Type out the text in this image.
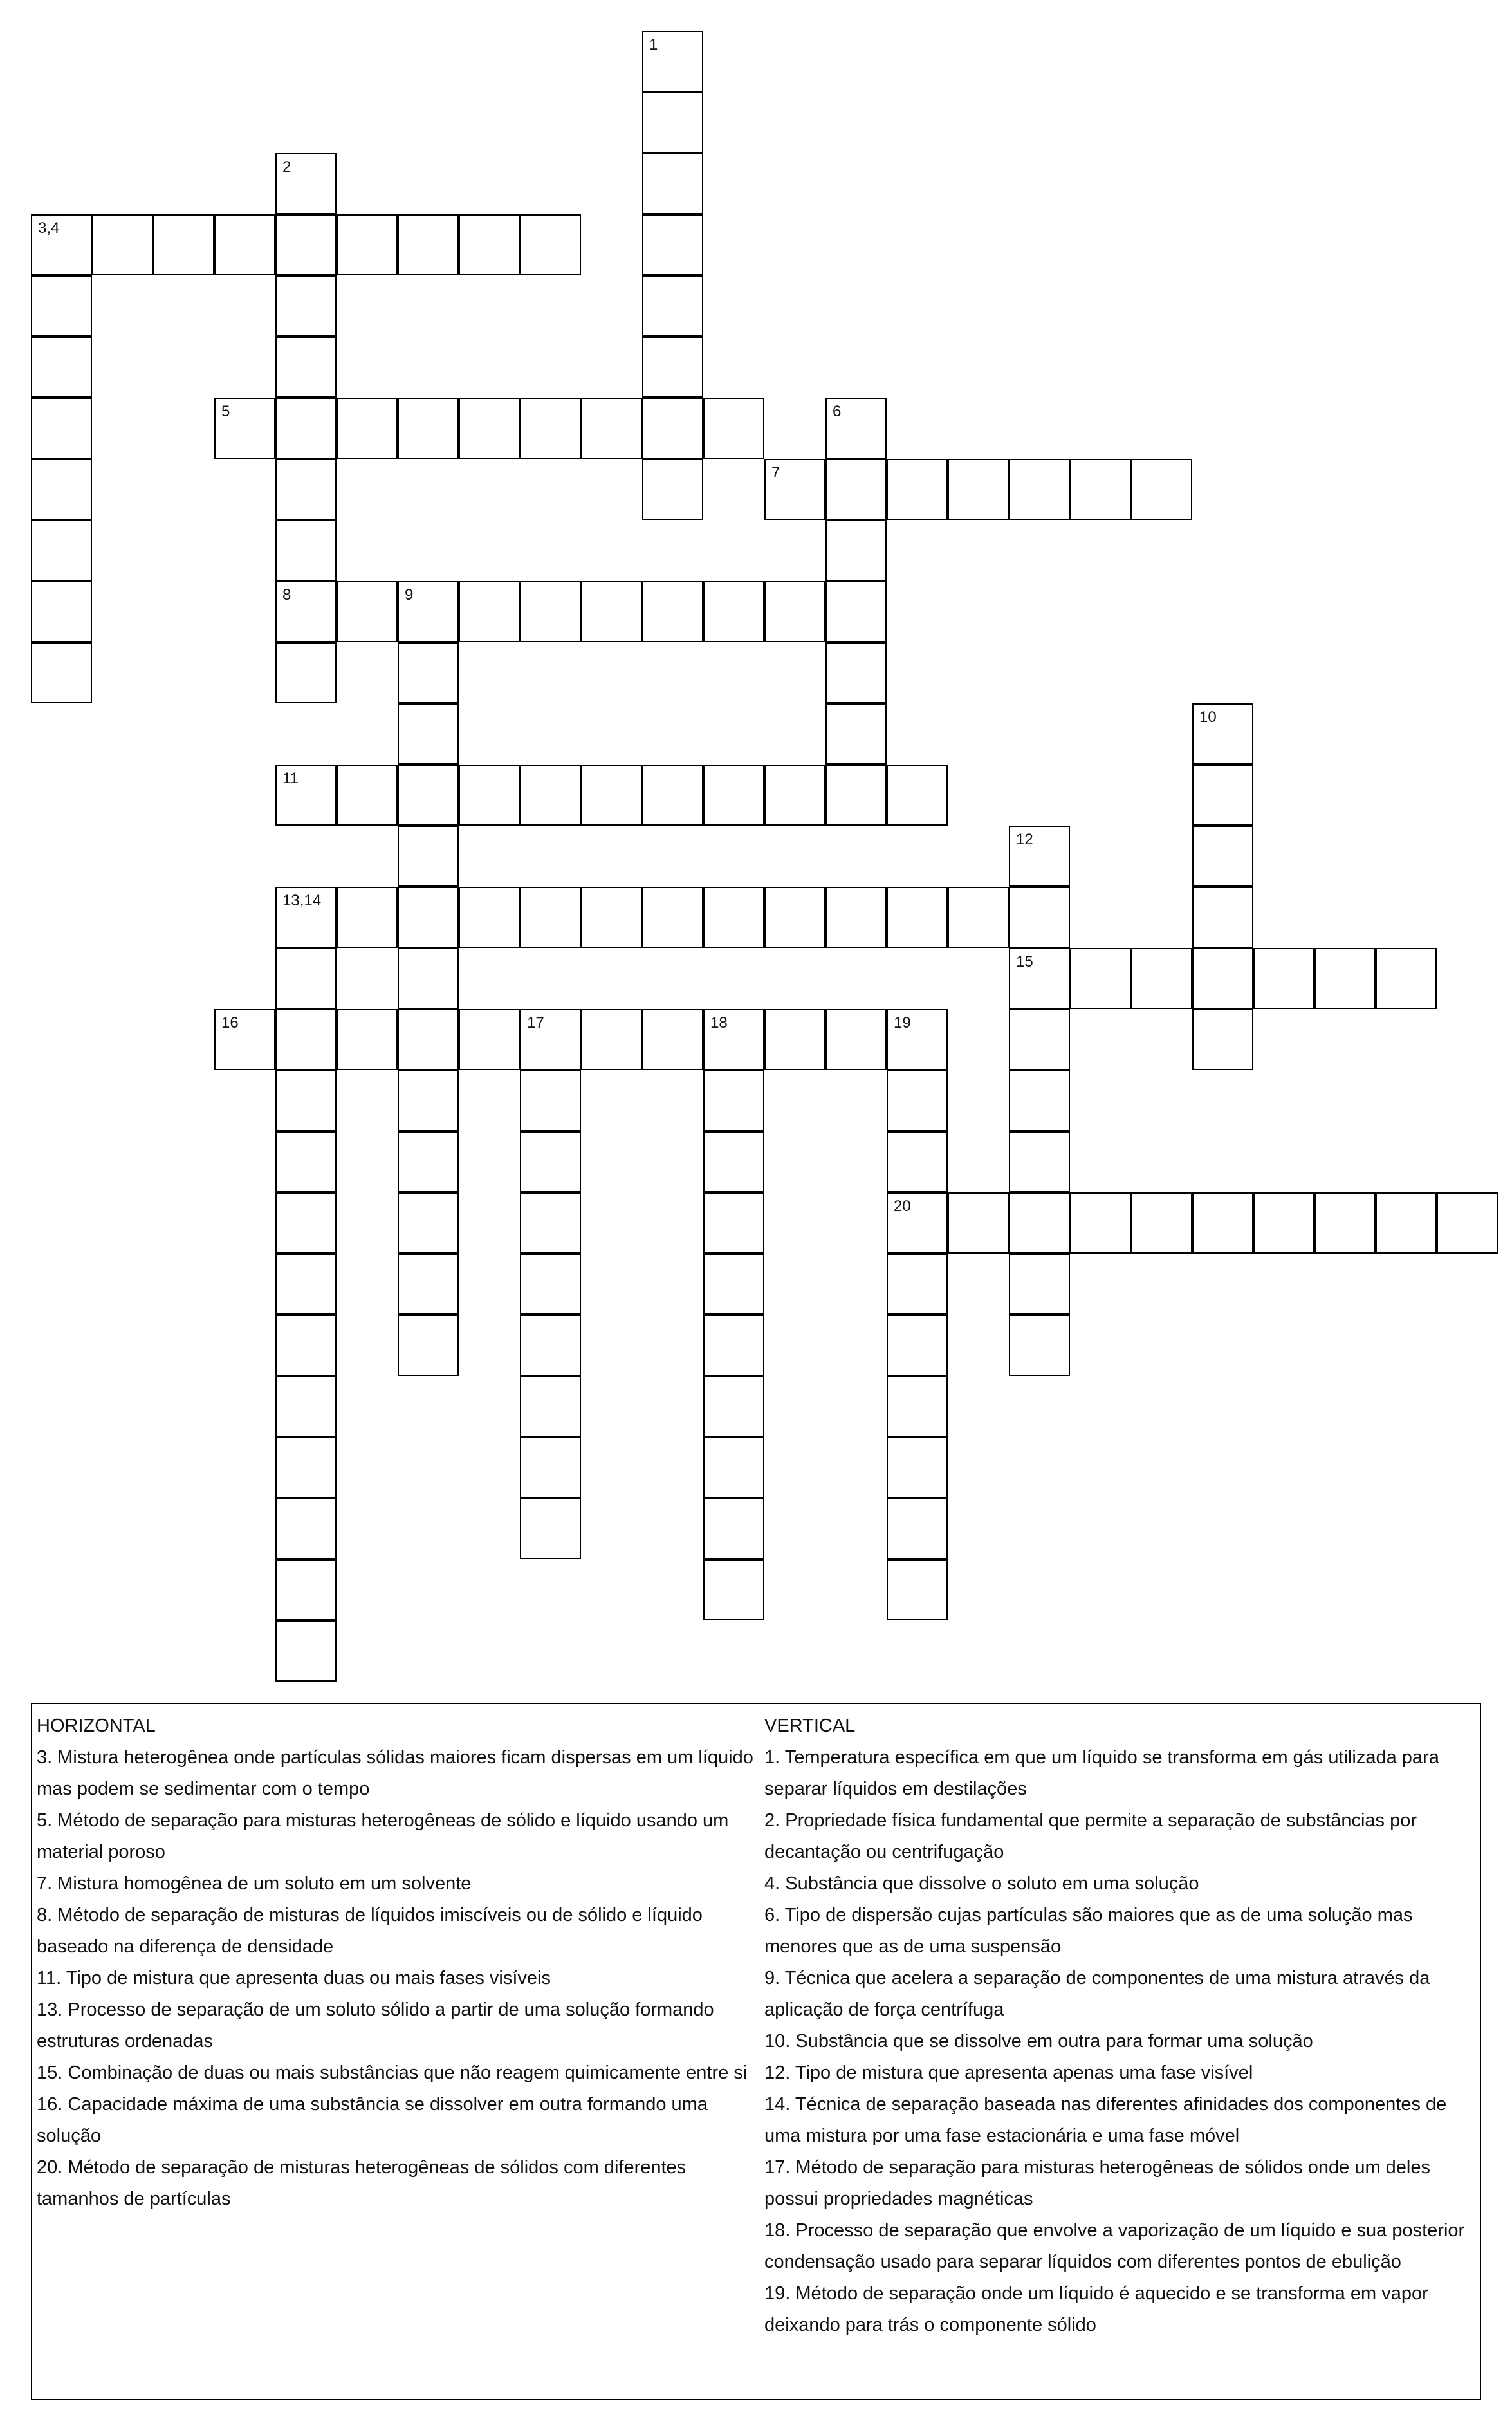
1
2
8
3,4
5	6
7
9
10
11
12
15
13,14
16	17	18	19
20

HORIZONTAL

3. Mistura heterogênea onde partículas sólidas maiores ficam dispersas em um líquido mas podem se sedimentar com o tempo

5. Método de separação para misturas heterogêneas de sólido e líquido usando um material poroso

7. Mistura homogênea de um soluto em um solvente

8. Método de separação de misturas de líquidos imiscíveis ou de sólido e líquido baseado na diferença de densidade

11. Tipo de mistura que apresenta duas ou mais fases visíveis

13. Processo de separação de um soluto sólido a partir de uma solução formando estruturas ordenadas

15. Combinação de duas ou mais substâncias que não reagem quimicamente entre si

16. Capacidade máxima de uma substância se dissolver em outra formando uma solução

20. Método de separação de misturas heterogêneas de sólidos com diferentes tamanhos de partículas

VERTICAL

1. Temperatura específica em que um líquido se transforma em gás utilizada para separar líquidos em destilações

2. Propriedade física fundamental que permite a separação de substâncias por decantação ou centrifugação

4. Substância que dissolve o soluto em uma solução

6. Tipo de dispersão cujas partículas são maiores que as de uma solução mas menores que as de uma suspensão

9. Técnica que acelera a separação de componentes de uma mistura através da aplicação de força centrífuga

10. Substância que se dissolve em outra para formar uma solução

12. Tipo de mistura que apresenta apenas uma fase visível

14. Técnica de separação baseada nas diferentes afinidades dos componentes de uma mistura por uma fase estacionária e uma fase móvel

17. Método de separação para misturas heterogêneas de sólidos onde um deles possui propriedades magnéticas

18. Processo de separação que envolve a vaporização de um líquido e sua posterior condensação usado para separar líquidos com diferentes pontos de ebulição

19. Método de separação onde um líquido é aquecido e se transforma em vapor deixando para trás o componente sólido
